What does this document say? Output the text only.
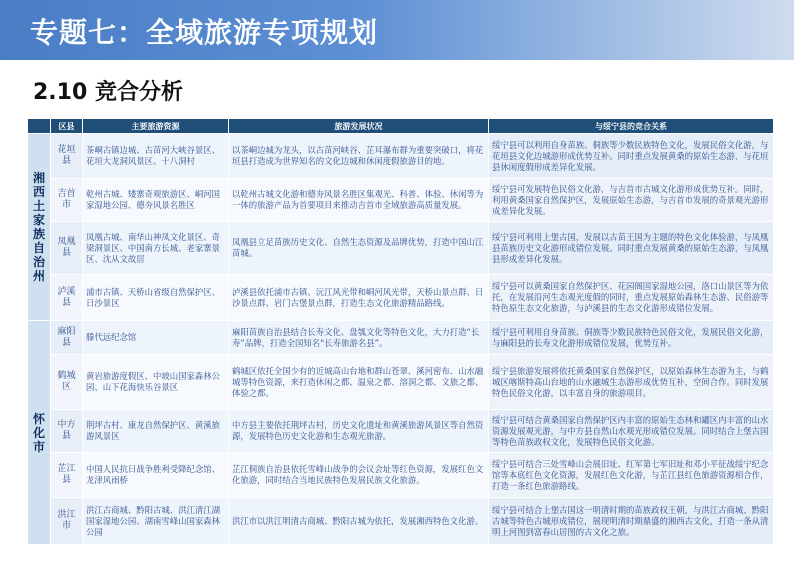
专题七：全域旅游专项规划
2.10 竞合分析
	区县	主要旅游资源	旅游发展状况	与绥宁县的竞合关系
湘西土家族自治州	花垣县	茶峒古镇边城、古苗河大峡谷景区、花垣大龙洞风景区、十八洞村	以茶峒边城为龙头，以古苗河峡谷、芷耳瀑布群为重要突破口，将花垣县打造成为世界知名的文化边城和休闲度假旅游目的地。	绥宁县可以利用自身苗族、侗族等少数民族特色文化，发展民俗文化游，与花垣县文化边城游形成优势互补。同时重点发展黄桑的原始生态游，与花垣县休闲度假形成差异化发展。
	吉首市	乾州古城、矮寨奇观旅游区、峒河国家湿地公园、德夯风景名胜区	以乾州古城文化游和德夯风景名胜区集观光、科普、体验、休闲等为一体的旅游产品为首要项目来推动吉首市全域旅游高质量发展。	绥宁县可发展特色民俗文化游，与吉首市古城文化游形成优势互补。同时，利用黄桑国家自然保护区，发展原始生态游，与吉首市发展的奇景观光游形成差异化发展。
	凤凰县	凤凰古城、南华山神凤文化景区、奇梁洞景区、中国南方长城、老家寨景区、沈从文故居	凤凰县立足苗族历史文化、自然生态资源及品牌优势，打造中国山江苗城。	绥宁县可利用上堡古国，发展以古苗王国为主题的特色文化体验游，与凤凰县苗族历史文化游形成错位发展。同时重点发展黄桑的原始生态游，与凤凰县形成差异化发展。
	泸溪县	浦市古镇、天桥山省级自然保护区、日沙景区	泸溪县依托浦市古镇、沅江风光带和峒河风光带，天桥山景点群、日沙景点群、岩门古堡景点群，打造生态文化旅游精品路线。	绥宁县可以黄桑国家自然保护区、花园阁国家湿地公园，洛口山景区等为依托，在发展沿河生态观光度假的同时，重点发展原始森林生态游、民俗游等特色原生态文化旅游，与泸溪县的生态文化游形成错位发展。
怀化市	麻阳县	滕代远纪念馆	麻阳苗族自治县结合长寿文化、盘瓠文化等特色文化，大力打造“长寿”品牌，打造全国知名“长寿旅游名县”。	绥宁县可利用自身苗族、侗族等少数民族特色民俗文化，发展民俗文化游，与麻阳县的长寿文化游形成错位发展，优势互补。
	鹤城区	黄岩旅游度假区、中坡山国家森林公园、山下花海快乐谷景区	鹤城区依托全国少有的近城高山台地和群山苍翠、溪河密布、山水融城等特色资源，来打造休闲之都、温泉之都、溶洞之都、文旅之都、体验之都。	绥宁县旅游发展将依托黄桑国家自然保护区，以原始森林生态游为主，与鹤城区喀斯特高山台地的山水融城生态游形成优势互补，空间合作。同时发展特色民俗文化游，以丰富自身的旅游项目。
	中方县	荆坪古村、康龙自然保护区、黄溪旅游风景区	中方县主要依托荆坪古村，历史文化遗址和黄溪旅游风景区等自然资源，发展特色历史文化游和生态观光旅游。	绥宁县可结合黄桑国家自然保护区内丰富的原始生态林和罐区内丰富的山水资源发展观光游，与中方县自然山水观光形成错位发展。同时结合上堡古国等特色苗族政权文化，发展特色民俗文化游。
	芷江县	中国人民抗日战争胜利受降纪念馆、龙津风雨桥	芷江侗族自治县依托雪峰山战争的会议会址等红色资源，发展红色文化旅游，同时结合当地民族特色发展民族文化旅游。	绥宁县可结合三处雪峰山会展旧址、红军第七军旧址和邓小平征战绥宁纪念馆等本底红色文化资源，发展红色文化游，与芷江县红色旅游资源相合作，打造一条红色旅游路线。
	洪江市	洪江古商城、黔阳古城、洪江清江湖国家湿地公园、湖南雪峰山国家森林公园	洪江市以洪江明清古商城、黔阳古城为依托，发展湘西特色文化游。	绥宁县可结合上堡古国这一明清时期的苗族政权王朝，与洪江古商城、黔阳古城等特色古城形成错位，展现明清时期鼎盛的湘西古文化，打造一条从清明上河图到富春山居图的古文化之旅。
